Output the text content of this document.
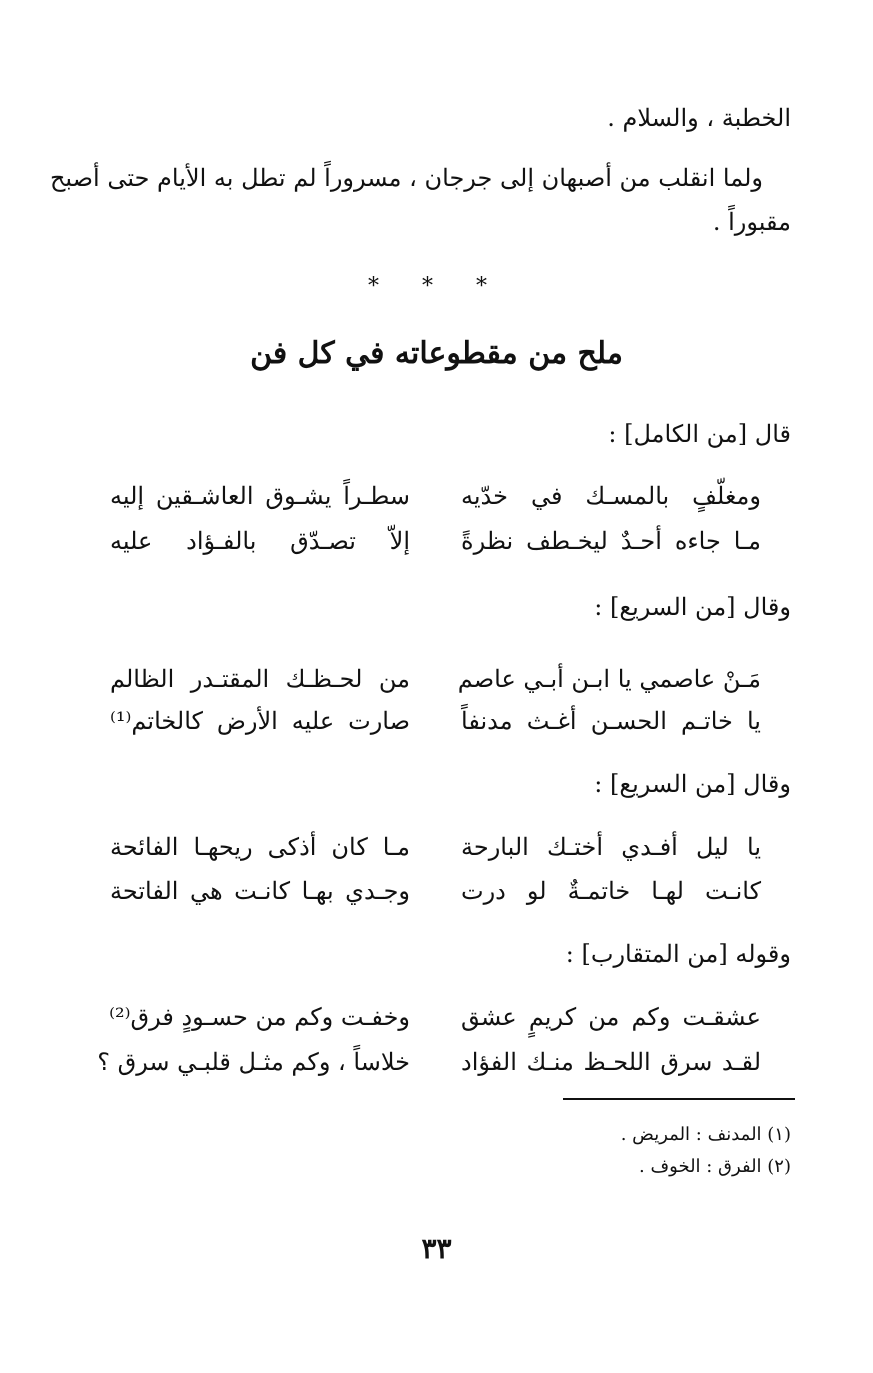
الخطبة ، والسلام .
ولما انقلب من أصبهان إلى جرجان ، مسروراً لم تطل به الأيام حتى أصبح
مقبوراً .
* * *
ملح من مقطوعاته في كل فن
قال [من الكامل] :
ومغلّفٍ بالمسـك في خدّيه
سطـراً يشـوق العاشـقين إليه
مـا جاءه أحـدٌ ليخـطف نظرةً
إلاّ تصـدّق بالفـؤاد عليه
وقال [من السريع] :
مَـنْ عاصمي يا ابـن أبـي عاصم
من لحـظـك المقتـدر الظالم
يا خاتـم الحسـن أغـث مدنفاً
صارت عليه الأرض كالخاتم⁽¹⁾
وقال [من السريع] :
يا ليل أفـدي أختـك البارحة
مـا كان أذكى ريحهـا الفائحة
كانـت لهـا خاتمـةٌ لو درت
وجـدي بهـا كانـت هي الفاتحة
وقوله [من المتقارب] :
عشقـت وكم من كريمٍ عشق
وخفـت وكم من حسـودٍ فرق⁽²⁾
لقـد سرق اللحـظ منـك الفؤاد
خلاساً ، وكم مثـل قلبـي سرق ؟
(١) المدنف : المريض .
(٢) الفرق : الخوف .
٣٣
